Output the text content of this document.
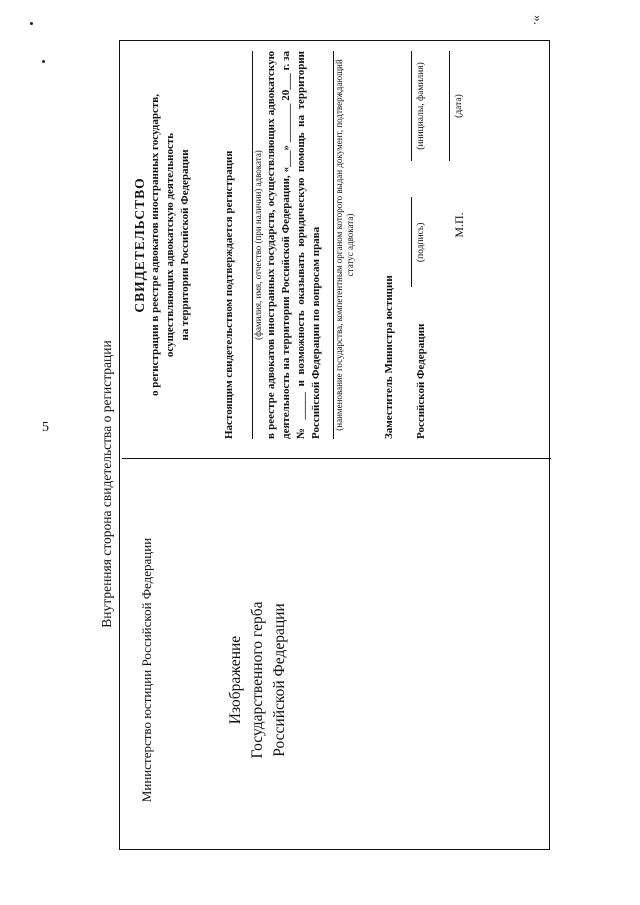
5
».
Внутренняя сторона свидетельства о регистрации
Министерство юстиции Российской Федерации	Изображение Государственного герба Российской Федерации
СВИДЕТЕЛЬСТВО о регистрации в реестре адвокатов иностранных государств, осуществляющих адвокатскую деятельность на территории Российской Федерации	Настоящим свидетельством подтверждается регистрация (фамилия, имя, отчество (при наличии) адвоката) в реестре адвокатов иностранных государств, осуществляющих адвокатскую деятельность на территории Российской Федерации, «___» _______ 20___ г. за № _____ и возможность оказывать юридическую помощь на территории Российской Федерации по вопросам права (наименование государства, компетентным органом которого выдан документ, подтверждающий статус адвоката)
Заместитель Министра юстиции Российской Федерации
(подпись)
(инициалы, фамилия)
М.П.
(дата)
